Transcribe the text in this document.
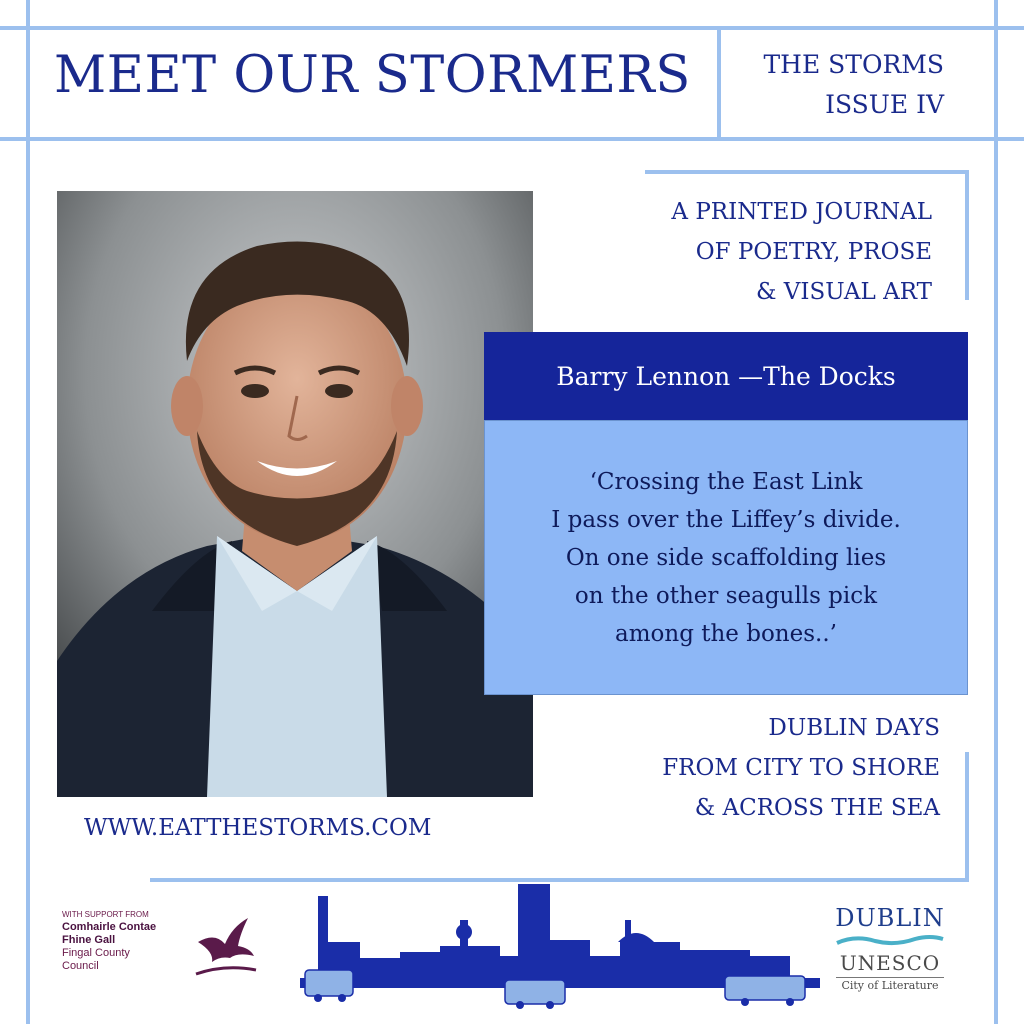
MEET OUR STORMERS	THE STORMS
ISSUE IV
A PRINTED JOURNAL
OF POETRY, PROSE
& VISUAL ART
Barry Lennon —The Docks
‘Crossing the East Link
I pass over the Liffey’s divide.
On one side scaffolding lies
on the other seagulls pick
among the bones..’
DUBLIN DAYS
FROM CITY TO SHORE
& ACROSS THE SEA
WWW.EATTHESTORMS.COM
WITH SUPPORT FROM
Comhairle Contae
Fhine Gall
Fingal County
Council
DUBLIN
UNESCO
City of Literature
